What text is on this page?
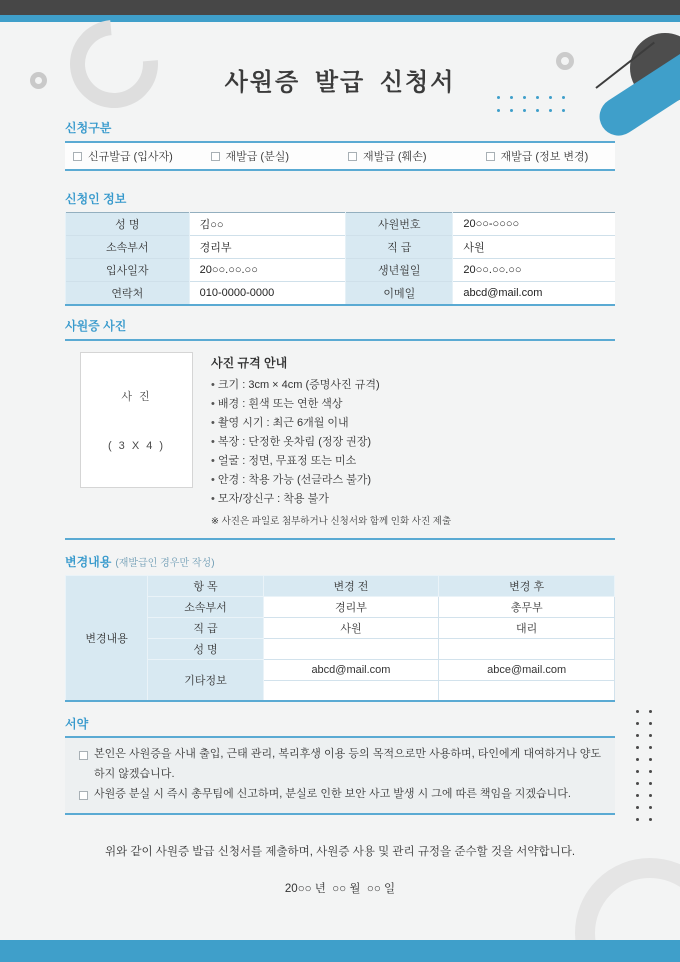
사원증 발급 신청서
신청구분
신규발급 (입사자)	재발급 (분실)	재발급 (훼손)	재발급 (정보 변경)
신청인 정보
성 명	김○○	사원번호	20○○-○○○○
소속부서	경리부	직 급	사원
입사일자	20○○.○○.○○	생년월일	20○○.○○.○○
연락처	010-0000-0000	이메일	abcd@mail.com
사원증 사진
사 진
( 3 X 4 )
사진 규격 안내
• 크기 : 3cm × 4cm (증명사진 규격)
• 배경 : 흰색 또는 연한 색상
• 촬영 시기 : 최근 6개월 이내
• 복장 : 단정한 옷차림 (정장 권장)
• 얼굴 : 정면, 무표정 또는 미소
• 안경 : 착용 가능 (선글라스 불가)
• 모자/장신구 : 착용 불가
※ 사진은 파일로 첨부하거나 신청서와 함께 인화 사진 제출
변경내용 (재발급인 경우만 작성)
변경내용	항 목	변경 전	변경 후
	소속부서	경리부	총무부
	직 급	사원	대리
	성 명		
	기타정보	abcd@mail.com	abce@mail.com

서약

본인은 사원증을 사내 출입, 근태 관리, 복리후생 이용 등의 목적으로만 사용하며, 타인에게 대여하거나 양도하지 않겠습니다.

사원증 분실 시 즉시 총무팀에 신고하며, 분실로 인한 보안 사고 발생 시 그에 따른 책임을 지겠습니다.

위와 같이 사원증 발급 신청서를 제출하며, 사원증 사용 및 관리 규정을 준수할 것을 서약합니다.
20○○ 년  ○○ 월  ○○ 일
